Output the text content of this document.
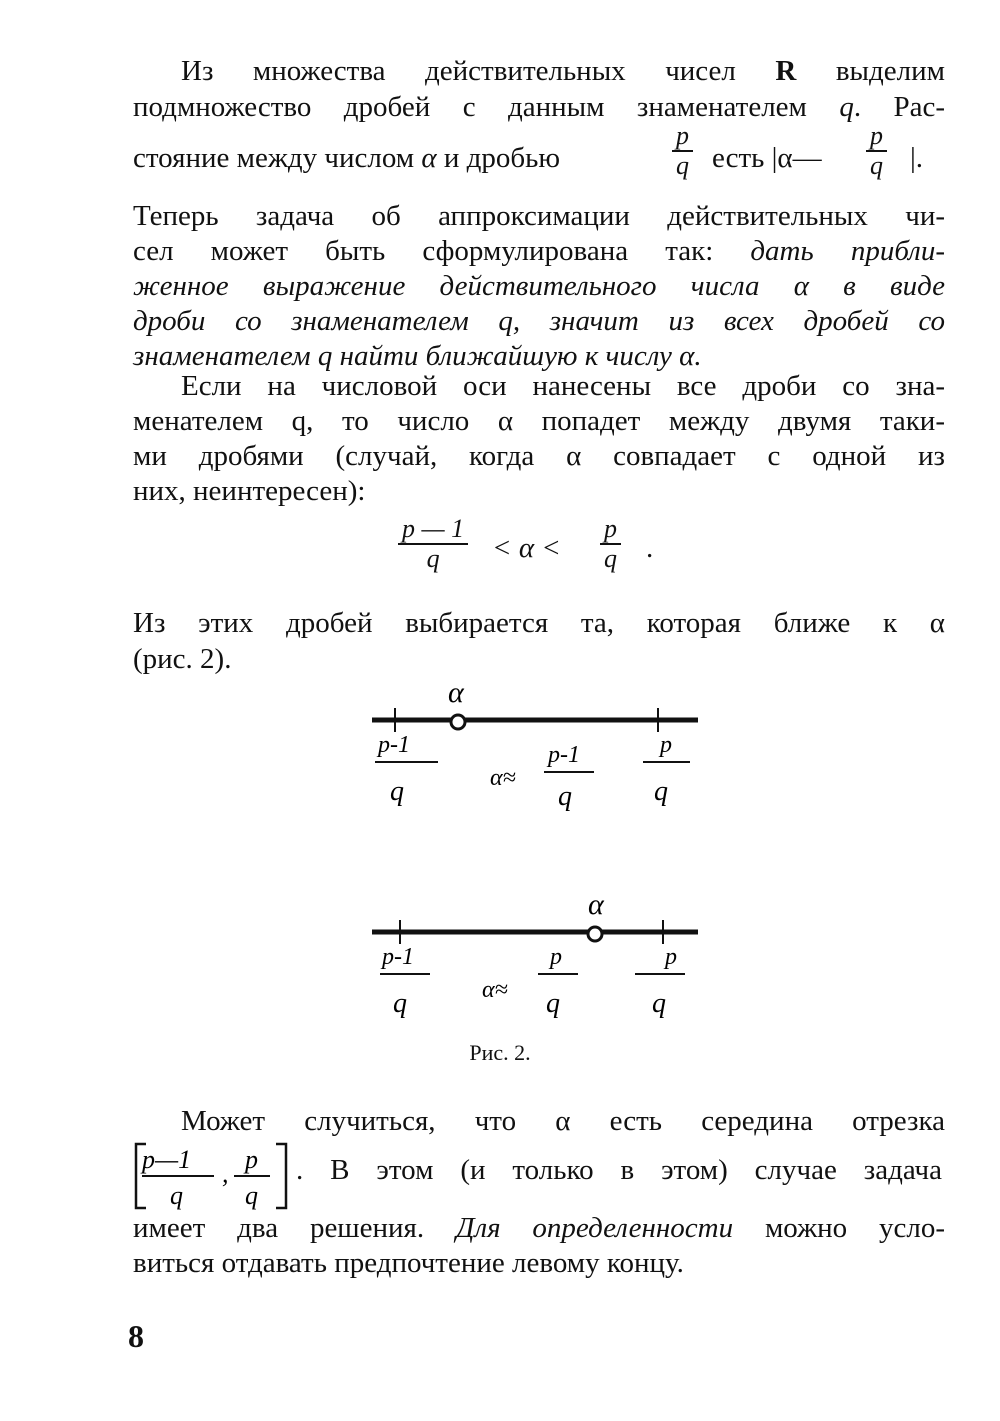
Из множества действительных чисел R выделим
подмножество дробей с данным знаменателем q. Рас-
стояние между числом α и дробью	$\frac{p}{q}$ есть |α— $\frac{p}{q}$ |.
Теперь задача об аппроксимации действительных чи-
сел может быть сформулирована так: дать прибли-
женное выражение действительного числа α в виде
дроби со знаменателем q, значит из всех дробей со
знаменателем q найти ближайшую к числу α.
Если на числовой оси нанесены все дроби со зна-
менателем q, то число α попадет между двумя таки-
ми дробями (случай, когда α совпадает с одной из
них, неинтересен):
$\frac{p — 1}{q} < \alpha < \frac{p}{q}$ .
Из этих дробей выбирается та, которая ближе к α
(рис. 2).
α
p-1
q	α≈
p-1
q
p
q
α
p-1
q	α≈
p
q
p
q
Рис. 2.
Может случиться, что α есть середина отрезка
p—1
q
, p
q
. В этом (и только в этом) случае задача
имеет два решения. Для определенности можно усло-
виться отдавать предпочтение левому концу.
8
